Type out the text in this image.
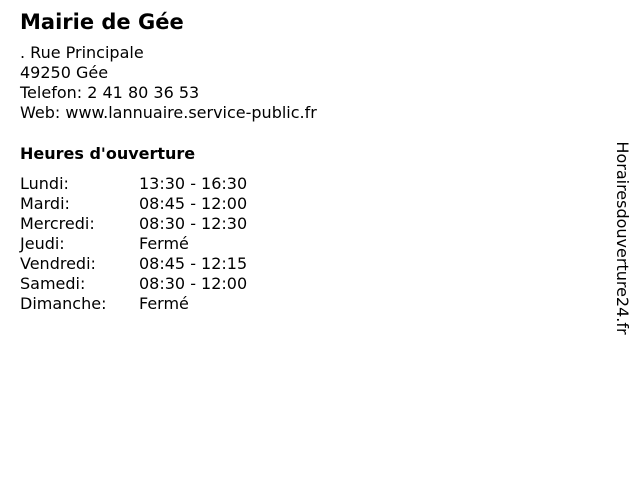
Mairie de Gée
. Rue Principale
49250 Gée
Telefon: 2 41 80 36 53
Web: www.lannuaire.service-public.fr
Heures d'ouverture
Lundi:	13:30 - 16:30
Mardi:	08:45 - 12:00
Mercredi:	08:30 - 12:30
Jeudi:	Fermé
Vendredi:	08:45 - 12:15
Samedi:	08:30 - 12:00
Dimanche: Fermé	Horairesdouverture24.fr
